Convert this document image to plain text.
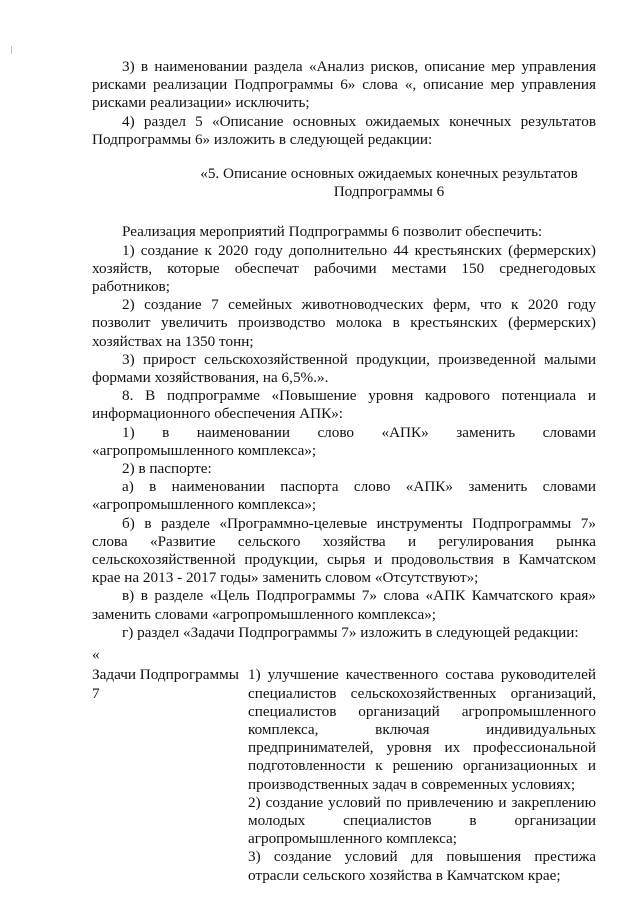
3) в наименовании раздела «Анализ рисков, описание мер управления рисками реализации Подпрограммы 6» слова «, описание мер управления рисками реализации» исключить;

4) раздел 5 «Описание основных ожидаемых конечных результатов Подпрограммы 6» изложить в следующей редакции:

«5. Описание основных ожидаемых конечных результатов Подпрограммы 6

Реализация мероприятий Подпрограммы 6 позволит обеспечить:

1) создание к 2020 году дополнительно 44 крестьянских (фермерских) хозяйств, которые обеспечат рабочими местами 150 среднегодовых работников;

2) создание 7 семейных животноводческих ферм, что к 2020 году позволит увеличить производство молока в крестьянских (фермерских) хозяйствах на 1350 тонн;

3) прирост сельскохозяйственной продукции, произведенной малыми формами хозяйствования, на 6,5%.».

8. В подпрограмме «Повышение уровня кадрового потенциала и информационного обеспечения АПК»:

1) в наименовании слово «АПК» заменить словами «агропромышленного комплекса»;

2) в паспорте:

а) в наименовании паспорта слово «АПК» заменить словами «агропромышленного комплекса»;

б) в разделе «Программно-целевые инструменты Подпрограммы 7» слова «Развитие сельского хозяйства и регулирования рынка сельскохозяйственной продукции, сырья и продовольствия в Камчатском крае на 2013 - 2017 годы» заменить словом «Отсутствуют»;

в) в разделе «Цель Подпрограммы 7» слова «АПК Камчатского края» заменить словами «агропромышленного комплекса»;

г) раздел «Задачи Подпрограммы 7» изложить в следующей редакции:

«

Задачи Подпрограммы 7

1) улучшение качественного состава руководителей специалистов сельскохозяйственных организаций, специалистов организаций агропромышленного комплекса, включая индивидуальных предпринимателей, уровня их профессиональной подготовленности к решению организационных и производственных задач в современных условиях;

2) создание условий по привлечению и закреплению молодых специалистов в организации агропромышленного комплекса;

3) создание условий для повышения престижа отрасли сельского хозяйства в Камчатском крае;
